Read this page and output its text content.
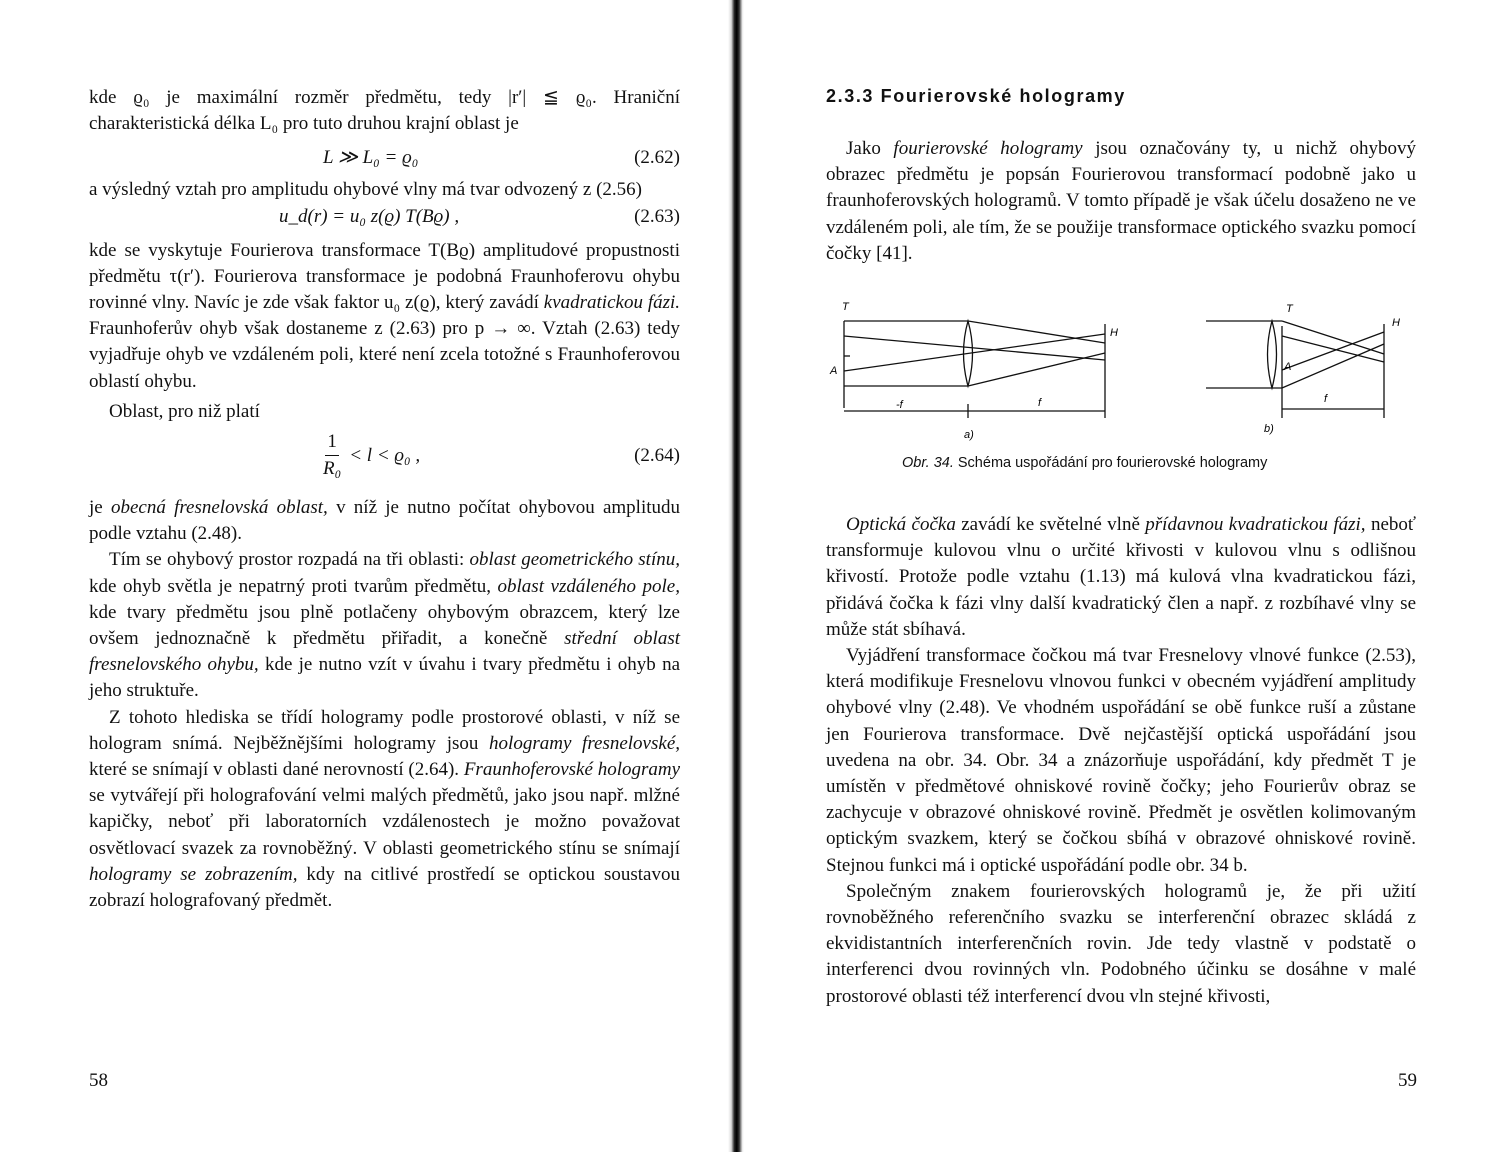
kde ϱ₀ je maximální rozměr předmětu, tedy |r′| ≦ ϱ₀. Hraniční charakteristická délka L₀ pro tuto druhou krajní oblast je

L ≫ L₀ = ϱ₀	(2.62)

a výsledný vztah pro amplitudu ohybové vlny má tvar odvozený z (2.56)

u_d(r) = u₀ z(ϱ) T(Bϱ) ,	(2.63)

kde se vyskytuje Fourierova transformace T(Bϱ) amplitudové propustnosti předmětu τ(r′). Fourierova transformace je podobná Fraunhoferovu ohybu rovinné vlny. Navíc je zde však faktor u₀ z(ϱ), který zavádí kvadratickou fázi. Fraunhoferův ohyb však dostaneme z (2.63) pro p → ∞. Vztah (2.63) tedy vyjadřuje ohyb ve vzdáleném poli, které není zcela totožné s Fraunhoferovou oblastí ohybu.

Oblast, pro niž platí

$\frac{1}{\text{R₀}} < l < ϱ_0$ ,	(2.64)

je obecná fresnelovská oblast, v níž je nutno počítat ohybovou amplitudu podle vztahu (2.48).

Tím se ohybový prostor rozpadá na tři oblasti: oblast geometrického stínu, kde ohyb světla je nepatrný proti tvarům předmětu, oblast vzdáleného pole, kde tvary předmětu jsou plně potlačeny ohybovým obrazcem, který lze ovšem jednoznačně k předmětu přiřadit, a konečně střední oblast fresnelovského ohybu, kde je nutno vzít v úvahu i tvary předmětu i ohyb na jeho struktuře.

Z tohoto hlediska se třídí hologramy podle prostorové oblasti, v níž se hologram snímá. Nejběžnějšími hologramy jsou hologramy fresnelovské, které se snímají v oblasti dané nerovností (2.64). Fraunhoferovské hologramy se vytvářejí při holografování velmi malých předmětů, jako jsou např. mlžné kapičky, neboť při laboratorních vzdálenostech je možno považovat osvětlovací svazek za rovnoběžný. V oblasti geometrického stínu se snímají hologramy se zobrazením, kdy na citlivé prostředí se optickou soustavou zobrazí holografovaný předmět.

58
2.3.3 Fourierovské hologramy

Jako fourierovské hologramy jsou označovány ty, u nichž ohybový obrazec předmětu je popsán Fourierovou transformací podobně jako u fraunhoferovských hologramů. V tomto případě je však účelu dosaženo ne ve vzdáleném poli, ale tím, že se použije transformace optického svazku pomocí čočky [41].

T
H
A
-f	f
a)
T
H
A
f
b)
Obr. 34. Schéma uspořádání pro fourierovské hologramy

Optická čočka zavádí ke světelné vlně přídavnou kvadratickou fázi, neboť transformuje kulovou vlnu o určité křivosti v kulovou vlnu s odlišnou křivostí. Protože podle vztahu (1.13) má kulová vlna kvadratickou fázi, přidává čočka k fázi vlny další kvadratický člen a např. z rozbíhavé vlny se může stát sbíhavá.

Vyjádření transformace čočkou má tvar Fresnelovy vlnové funkce (2.53), která modifikuje Fresnelovu vlnovou funkci v obecném vyjádření amplitudy ohybové vlny (2.48). Ve vhodném uspořádání se obě funkce ruší a zůstane jen Fourierova transformace. Dvě nejčastější optická uspořádání jsou uvedena na obr. 34. Obr. 34 a znázorňuje uspořádání, kdy předmět T je umístěn v předmětové ohniskové rovině čočky; jeho Fourierův obraz se zachycuje v obrazové ohniskové rovině. Předmět je osvětlen kolimovaným optickým svazkem, který se čočkou sbíhá v obrazové ohniskové rovině. Stejnou funkci má i optické uspořádání podle obr. 34 b.

Společným znakem fourierovských hologramů je, že při užití rovnoběžného referenčního svazku se interferenční obrazec skládá z ekvidistantních interferenčních rovin. Jde tedy vlastně v podstatě o interferenci dvou rovinných vln. Podobného účinku se dosáhne v malé prostorové oblasti též interferencí dvou vln stejné křivosti,

59
